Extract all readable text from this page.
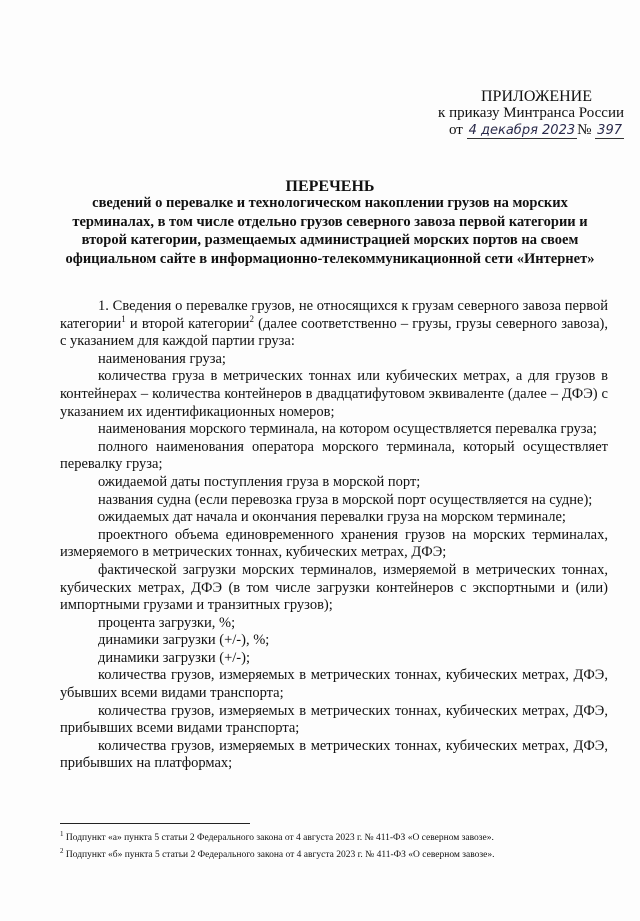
ПРИЛОЖЕНИЕ
к приказу Минтранса России
от 4 декабря 2023 № 397
ПЕРЕЧЕНЬ
сведений о перевалке и технологическом накоплении грузов на морских терминалах, в том числе отдельно грузов северного завоза первой категории и второй категории, размещаемых администрацией морских портов на своем официальном сайте в информационно-телекоммуникационной сети «Интернет»

1. Сведения о перевалке грузов, не относящихся к грузам северного завоза первой категории$^1$ и второй категории$^2$ (далее соответственно – грузы, грузы северного завоза), с указанием для каждой партии груза:

наименования груза;

количества груза в метрических тоннах или кубических метрах, а для грузов в контейнерах – количества контейнеров в двадцатифутовом эквиваленте (далее – ДФЭ) с указанием их идентификационных номеров;

наименования морского терминала, на котором осуществляется перевалка груза;

полного наименования оператора морского терминала, который осуществляет перевалку груза;

ожидаемой даты поступления груза в морской порт;

названия судна (если перевозка груза в морской порт осуществляется на судне);

ожидаемых дат начала и окончания перевалки груза на морском терминале;

проектного объема единовременного хранения грузов на морских терминалах, измеряемого в метрических тоннах, кубических метрах, ДФЭ;

фактической загрузки морских терминалов, измеряемой в метрических тоннах, кубических метрах, ДФЭ (в том числе загрузки контейнеров с экспортными и (или) импортными грузами и транзитных грузов);

процента загрузки, %;

динамики загрузки (+/-), %;

динамики загрузки (+/-);

количества грузов, измеряемых в метрических тоннах, кубических метрах, ДФЭ, убывших всеми видами транспорта;

количества грузов, измеряемых в метрических тоннах, кубических метрах, ДФЭ, прибывших всеми видами транспорта;

количества грузов, измеряемых в метрических тоннах, кубических метрах, ДФЭ, прибывших на платформах;

$^1$ Подпункт «а» пункта 5 статьи 2 Федерального закона от 4 августа 2023 г. № 411-ФЗ «О северном завозе».
$^2$ Подпункт «б» пункта 5 статьи 2 Федерального закона от 4 августа 2023 г. № 411-ФЗ «О северном завозе».
